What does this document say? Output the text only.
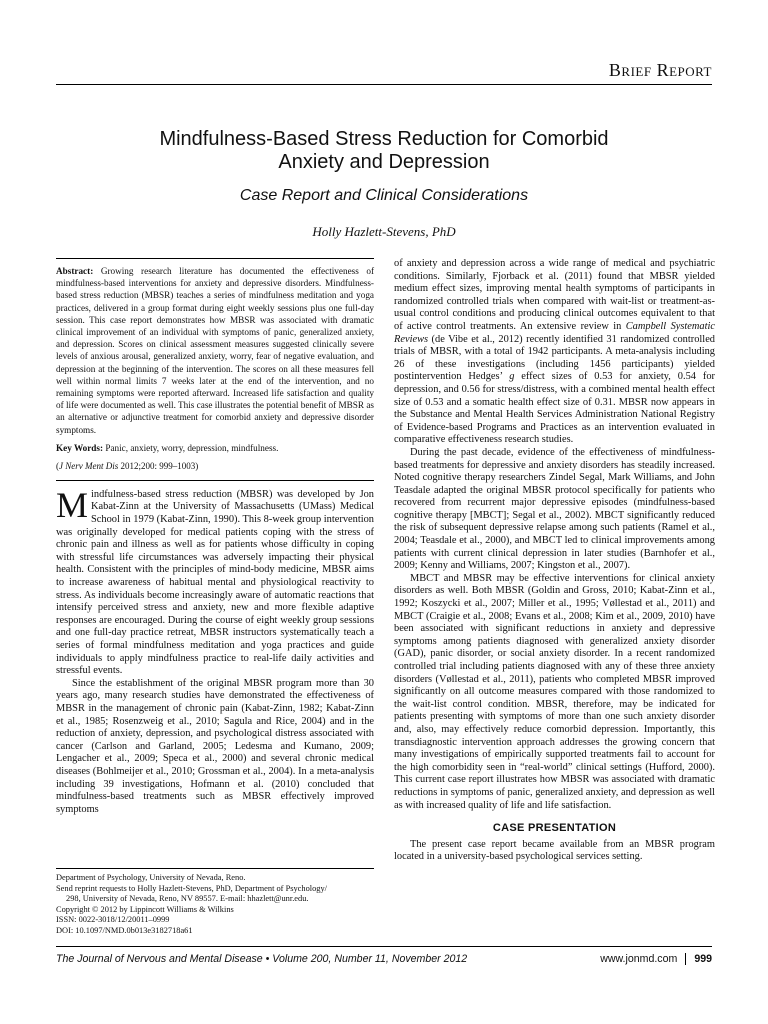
Brief Report
Mindfulness-Based Stress Reduction for Comorbid
Anxiety and Depression
Case Report and Clinical Considerations
Holly Hazlett-Stevens, PhD
Abstract: Growing research literature has documented the effectiveness of mindfulness-based interventions for anxiety and depressive disorders. Mindfulness-based stress reduction (MBSR) teaches a series of mindfulness meditation and yoga practices, delivered in a group format during eight weekly sessions plus one full-day session. This case report demonstrates how MBSR was associated with dramatic clinical improvement of an individual with symptoms of panic, generalized anxiety, and depression. Scores on clinical assessment measures suggested clinically severe levels of anxious arousal, generalized anxiety, worry, fear of negative evaluation, and depression at the beginning of the intervention. The scores on all these measures fell well within normal limits 7 weeks later at the end of the intervention, and no remaining symptoms were reported afterward. Increased life satisfaction and quality of life were documented as well. This case illustrates the potential benefit of MBSR as an alternative or adjunctive treatment for comorbid anxiety and depressive disorder symptoms.
Key Words: Panic, anxiety, worry, depression, mindfulness.
(J Nerv Ment Dis 2012;200: 999–1003)

Mindfulness-based stress reduction (MBSR) was developed by Jon Kabat-Zinn at the University of Massachusetts (UMass) Medical School in 1979 (Kabat-Zinn, 1990). This 8-week group intervention was originally developed for medical patients coping with the stress of chronic pain and illness as well as for patients whose difficulty in coping with stressful life circumstances was adversely impacting their physical health. Consistent with the principles of mind-body medicine, MBSR aims to increase awareness of habitual mental and physiological reactivity to stress. As individuals become increasingly aware of automatic reactions that intensify perceived stress and anxiety, new and more flexible adaptive responses are encouraged. During the course of eight weekly group sessions and one full-day practice retreat, MBSR instructors systematically teach a series of formal mindfulness meditation and yoga practices and guide individuals to apply mindfulness practice to real-life daily activities and stressful events.

Since the establishment of the original MBSR program more than 30 years ago, many research studies have demonstrated the effectiveness of MBSR in the management of chronic pain (Kabat-Zinn, 1982; Kabat-Zinn et al., 1985; Rosenzweig et al., 2010; Sagula and Rice, 2004) and in the reduction of anxiety, depression, and psychological distress associated with cancer (Carlson and Garland, 2005; Ledesma and Kumano, 2009; Lengacher et al., 2009; Speca et al., 2000) and several chronic medical diseases (Bohlmeijer et al., 2010; Grossman et al., 2004). In a meta-analysis including 39 investigations, Hofmann et al. (2010) concluded that mindfulness-based treatments such as MBSR effectively improved symptoms

Department of Psychology, University of Nevada, Reno.
Send reprint requests to Holly Hazlett-Stevens, PhD, Department of Psychology/
298, University of Nevada, Reno, NV 89557. E-mail: hhazlett@unr.edu.
Copyright © 2012 by Lippincott Williams & Wilkins
ISSN: 0022-3018/12/20011–0999
DOI: 10.1097/NMD.0b013e3182718a61

of anxiety and depression across a wide range of medical and psychiatric conditions. Similarly, Fjorback et al. (2011) found that MBSR yielded medium effect sizes, improving mental health symptoms of participants in randomized controlled trials when compared with wait-list or treatment-as-usual control conditions and producing clinical outcomes equivalent to that of active control treatments. An extensive review in Campbell Systematic Reviews (de Vibe et al., 2012) recently identified 31 randomized controlled trials of MBSR, with a total of 1942 participants. A meta-analysis including 26 of these investigations (including 1456 participants) yielded postintervention Hedges’ g effect sizes of 0.53 for anxiety, 0.54 for depression, and 0.56 for stress/distress, with a combined mental health effect size of 0.53 and a somatic health effect size of 0.31. MBSR now appears in the Substance and Mental Health Services Administration National Registry of Evidence-based Programs and Practices as an intervention evaluated in comparative effectiveness research studies.

During the past decade, evidence of the effectiveness of mindfulness-based treatments for depressive and anxiety disorders has steadily increased. Noted cognitive therapy researchers Zindel Segal, Mark Williams, and John Teasdale adapted the original MBSR protocol specifically for patients who recovered from recurrent major depressive episodes (mindfulness-based cognitive therapy [MBCT]; Segal et al., 2002). MBCT significantly reduced the risk of subsequent depressive relapse among such patients (Ramel et al., 2004; Teasdale et al., 2000), and MBCT led to clinical improvements among patients with current clinical depression in later studies (Barnhofer et al., 2009; Kenny and Williams, 2007; Kingston et al., 2007).

MBCT and MBSR may be effective interventions for clinical anxiety disorders as well. Both MBSR (Goldin and Gross, 2010; Kabat-Zinn et al., 1992; Koszycki et al., 2007; Miller et al., 1995; Vøllestad et al., 2011) and MBCT (Craigie et al., 2008; Evans et al., 2008; Kim et al., 2009, 2010) have been associated with significant reductions in anxiety and depressive symptoms among patients diagnosed with generalized anxiety disorder (GAD), panic disorder, or social anxiety disorder. In a recent randomized controlled trial including patients diagnosed with any of these three anxiety disorders (Vøllestad et al., 2011), patients who completed MBSR improved significantly on all outcome measures compared with those randomized to the wait-list control condition. MBSR, therefore, may be indicated for patients presenting with symptoms of more than one such anxiety disorder and, also, may effectively reduce comorbid depression. Importantly, this transdiagnostic intervention approach addresses the growing concern that many investigations of empirically supported treatments fail to account for the high comorbidity seen in “real-world” clinical settings (Hufford, 2000). This current case report illustrates how MBSR was associated with dramatic reductions in symptoms of panic, generalized anxiety, and depression as well as with increased quality of life and life satisfaction.

CASE PRESENTATION

The present case report became available from an MBSR program located in a university-based psychological services setting.

The Journal of Nervous and Mental Disease • Volume 200, Number 11, November 2012	www.jonmd.com 999
